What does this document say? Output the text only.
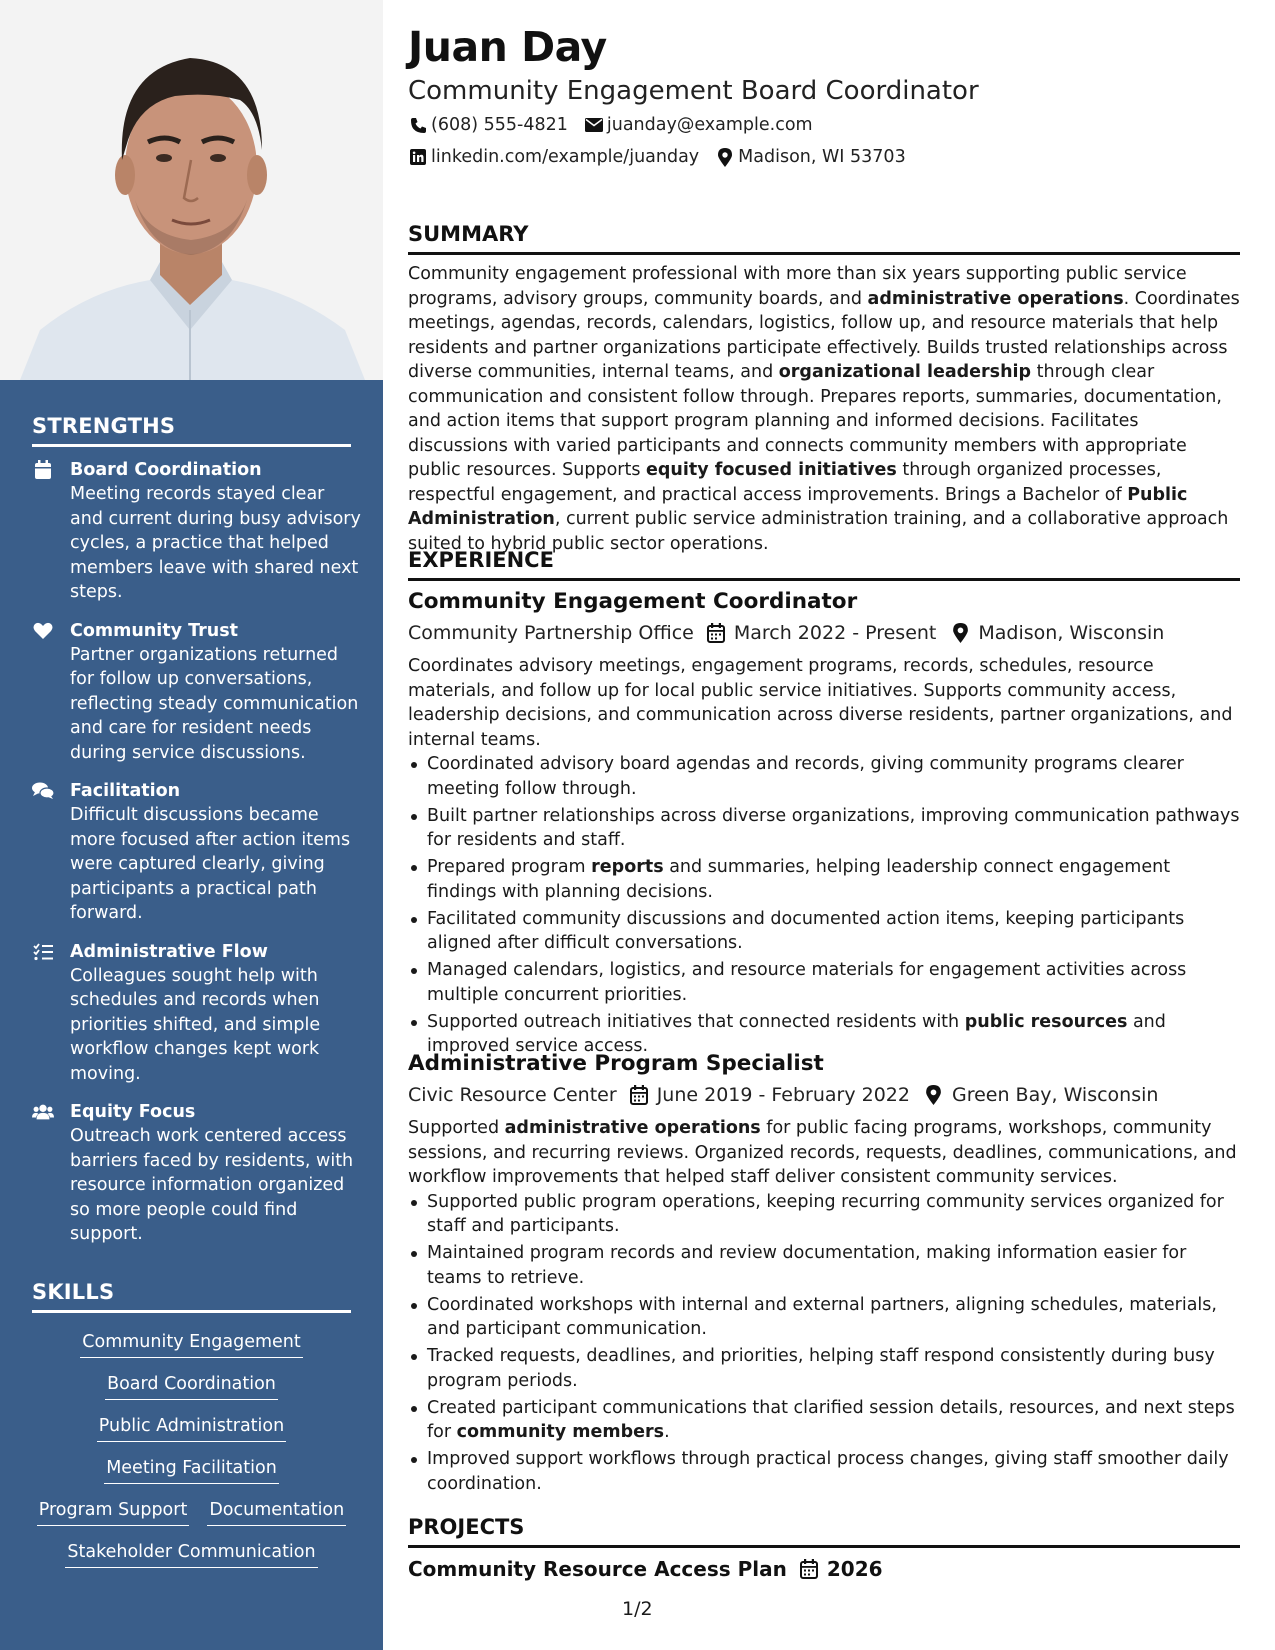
STRENGTHS
Board Coordination
Meeting records stayed clear and current during busy advisory cycles, a practice that helped members leave with shared next steps.
Community Trust
Partner organizations returned for follow up conversations, reflecting steady communication and care for resident needs during service discussions.
Facilitation
Difficult discussions became more focused after action items were captured clearly, giving participants a practical path forward.
Administrative Flow
Colleagues sought help with schedules and records when priorities shifted, and simple workflow changes kept work moving.
Equity Focus
Outreach work centered access barriers faced by residents, with resource information organized so more people could find support.
SKILLS
Community Engagement
Board Coordination
Public Administration
Meeting Facilitation
Program Support Documentation
Stakeholder Communication
Juan Day
Community Engagement Board Coordinator
(608) 555-4821 juanday@example.com
linkedin.com/example/juanday Madison, WI 53703
SUMMARY
Community engagement professional with more than six years supporting public service programs, advisory groups, community boards, and administrative operations. Coordinates meetings, agendas, records, calendars, logistics, follow up, and resource materials that help residents and partner organizations participate effectively. Builds trusted relationships across diverse communities, internal teams, and organizational leadership through clear communication and consistent follow through. Prepares reports, summaries, documentation, and action items that support program planning and informed decisions. Facilitates discussions with varied participants and connects community members with appropriate public resources. Supports equity focused initiatives through organized processes, respectful engagement, and practical access improvements. Brings a Bachelor of Public Administration, current public service administration training, and a collaborative approach suited to hybrid public sector operations.
EXPERIENCE
Community Engagement Coordinator
Community Partnership Office March 2022 - Present Madison, Wisconsin
Coordinates advisory meetings, engagement programs, records, schedules, resource materials, and follow up for local public service initiatives. Supports community access, leadership decisions, and communication across diverse residents, partner organizations, and internal teams.
Coordinated advisory board agendas and records, giving community programs clearer meeting follow through.
Built partner relationships across diverse organizations, improving communication pathways for residents and staff.
Prepared program reports and summaries, helping leadership connect engagement findings with planning decisions.
Facilitated community discussions and documented action items, keeping participants aligned after difficult conversations.
Managed calendars, logistics, and resource materials for engagement activities across multiple concurrent priorities.
Supported outreach initiatives that connected residents with public resources and improved service access.
Administrative Program Specialist
Civic Resource Center June 2019 - February 2022 Green Bay, Wisconsin
Supported administrative operations for public facing programs, workshops, community sessions, and recurring reviews. Organized records, requests, deadlines, communications, and workflow improvements that helped staff deliver consistent community services.
Supported public program operations, keeping recurring community services organized for staff and participants.
Maintained program records and review documentation, making information easier for teams to retrieve.
Coordinated workshops with internal and external partners, aligning schedules, materials, and participant communication.
Tracked requests, deadlines, and priorities, helping staff respond consistently during busy program periods.
Created participant communications that clarified session details, resources, and next steps for community members.
Improved support workflows through practical process changes, giving staff smoother daily coordination.
PROJECTS
Community Resource Access Plan 2026
1/2
